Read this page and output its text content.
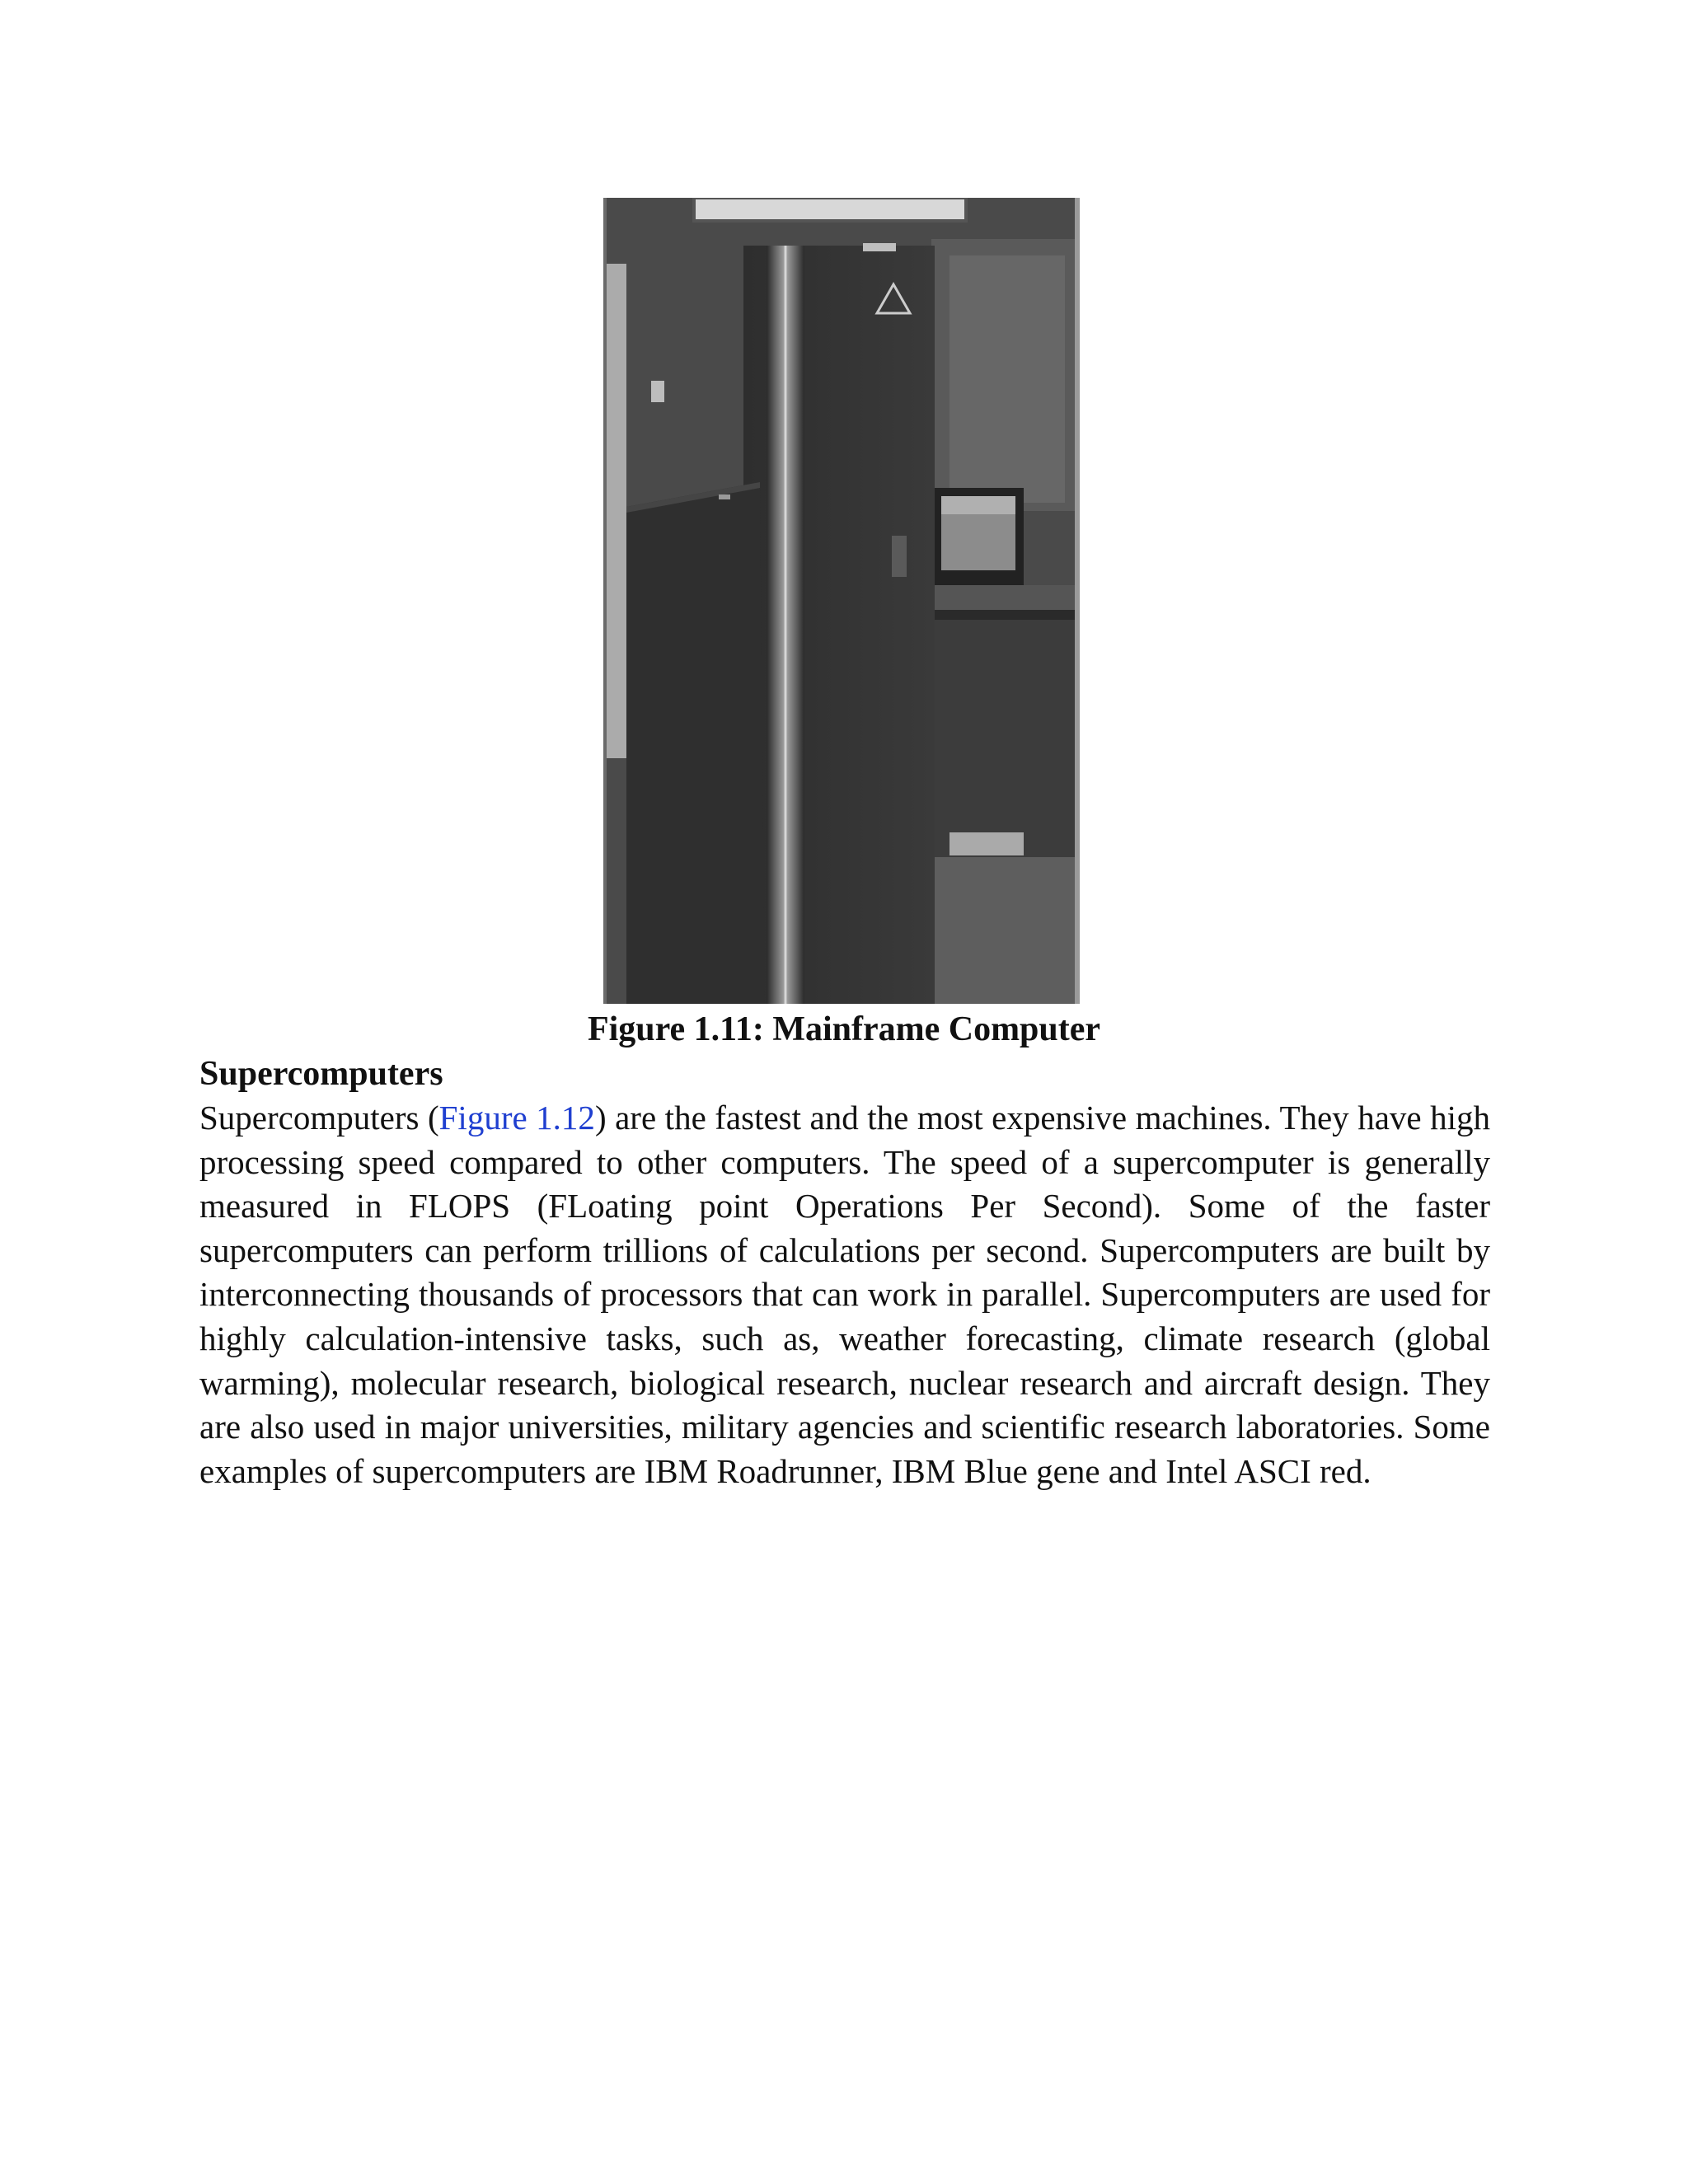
Figure 1.11: Mainframe Computer
Supercomputers

Supercomputers (Figure 1.12) are the fastest and the most expensive machines. They have high processing speed compared to other computers. The speed of a supercomputer is generally measured in FLOPS (FLoating point Operations Per Second). Some of the faster supercomputers can perform trillions of calculations per second. Supercomputers are built by interconnecting thousands of processors that can work in parallel. Supercomputers are used for highly calculation-intensive tasks, such as, weather forecasting, climate research (global warming), molecular research, biological research, nuclear research and aircraft design. They are also used in major universities, military agencies and scientific research laboratories. Some examples of supercomputers are IBM Roadrunner, IBM Blue gene and Intel ASCI red.
